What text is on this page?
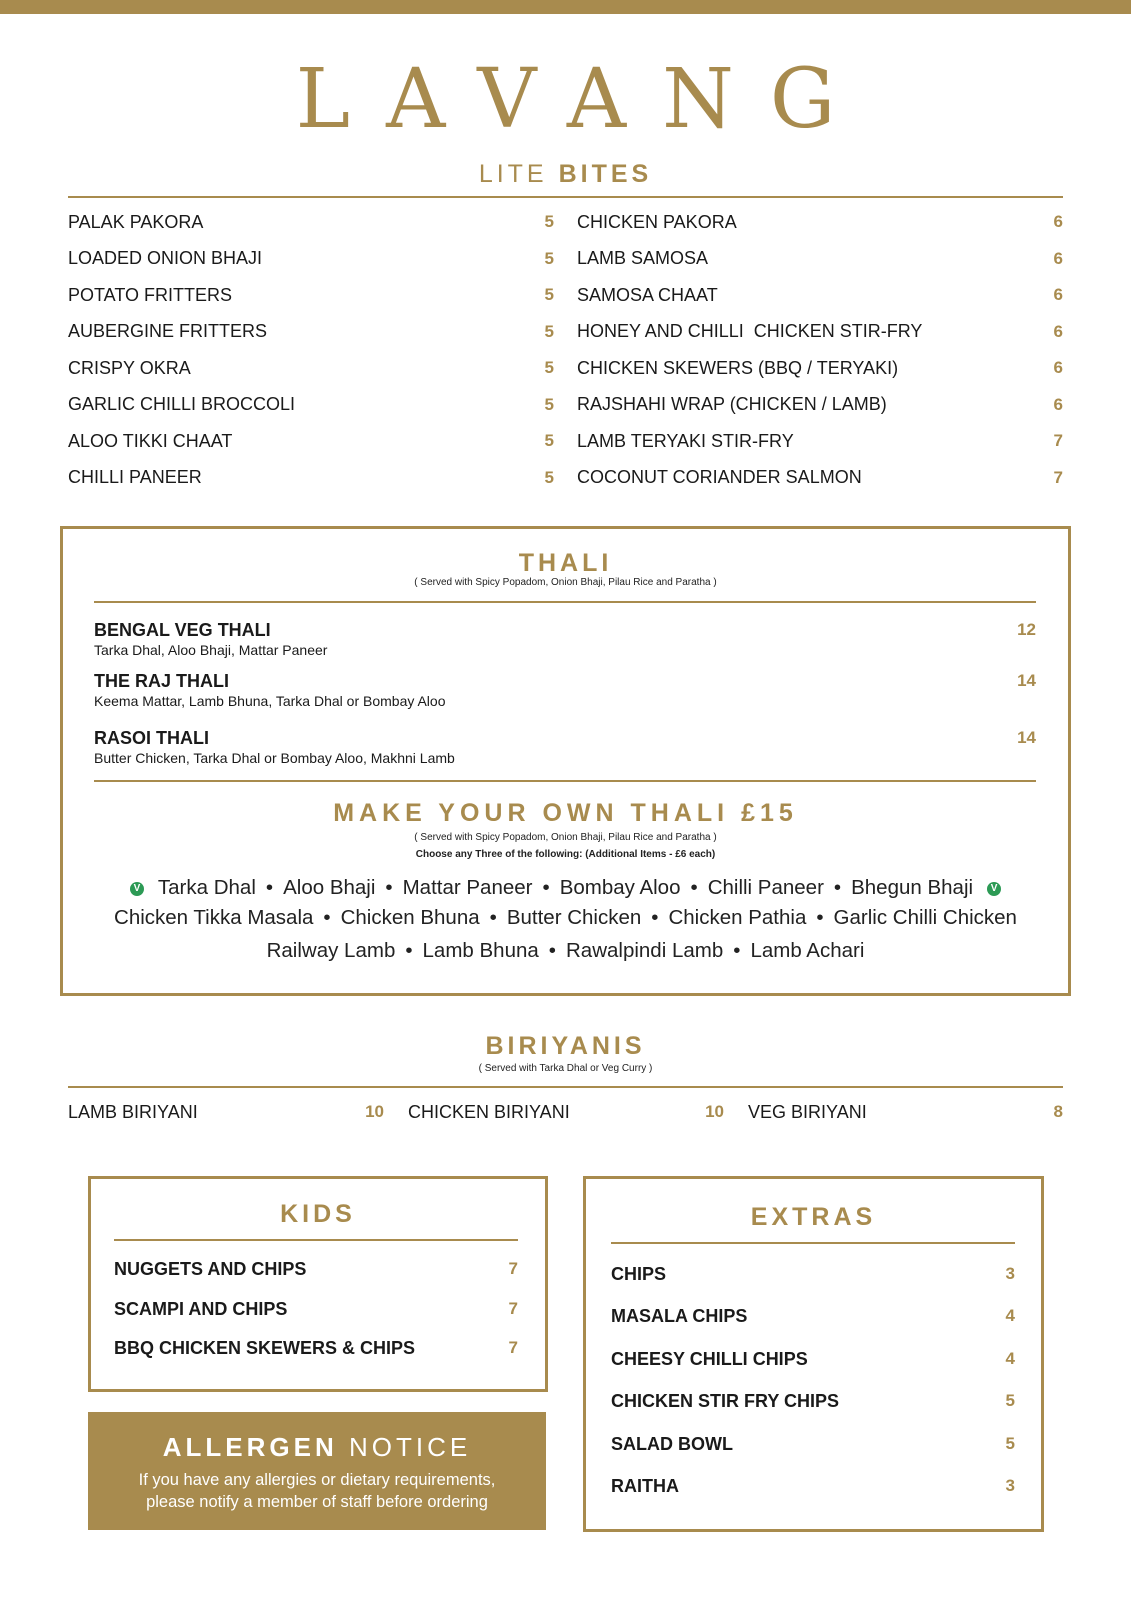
LAVANG
LITE BITES
PALAK PAKORA	5
LOADED ONION BHAJI	5
POTATO FRITTERS	5
AUBERGINE FRITTERS	5
CRISPY OKRA	5
GARLIC CHILLI BROCCOLI	5
ALOO TIKKI CHAAT	5
CHILLI PANEER	5
CHICKEN PAKORA	6
LAMB SAMOSA	6
SAMOSA CHAAT	6
HONEY AND CHILLI  CHICKEN STIR-FRY	6
CHICKEN SKEWERS (BBQ / TERYAKI)	6
RAJSHAHI WRAP (CHICKEN / LAMB)	6
LAMB TERYAKI STIR-FRY	7
COCONUT CORIANDER SALMON	7
THALI
( Served with Spicy Popadom, Onion Bhaji, Pilau Rice and Paratha )
BENGAL VEG THALI
Tarka Dhal, Aloo Bhaji, Mattar Paneer
12
THE RAJ THALI
Keema Mattar, Lamb Bhuna, Tarka Dhal or Bombay Aloo
14
RASOI THALI
Butter Chicken, Tarka Dhal or Bombay Aloo, Makhni Lamb
14
MAKE YOUR OWN THALI £15
( Served with Spicy Popadom, Onion Bhaji, Pilau Rice and Paratha )
Choose any Three of the following: (Additional Items - £6 each)
V Tarka Dhal • Aloo Bhaji • Mattar Paneer • Bombay Aloo • Chilli Paneer • Bhegun Bhaji V
Chicken Tikka Masala • Chicken Bhuna • Butter Chicken • Chicken Pathia • Garlic Chilli Chicken
Railway Lamb • Lamb Bhuna • Rawalpindi Lamb • Lamb Achari
BIRIYANIS
( Served with Tarka Dhal or Veg Curry )
LAMB BIRIYANI	10 CHICKEN BIRIYANI	10 VEG BIRIYANI	8
KIDS
NUGGETS AND CHIPS	7
SCAMPI AND CHIPS	7
BBQ CHICKEN SKEWERS & CHIPS	7
EXTRAS
CHIPS	3
MASALA CHIPS	4
CHEESY CHILLI CHIPS	4
CHICKEN STIR FRY CHIPS	5
SALAD BOWL	5
RAITHA	3
ALLERGEN NOTICE
If you have any allergies or dietary requirements,
please notify a member of staff before ordering
